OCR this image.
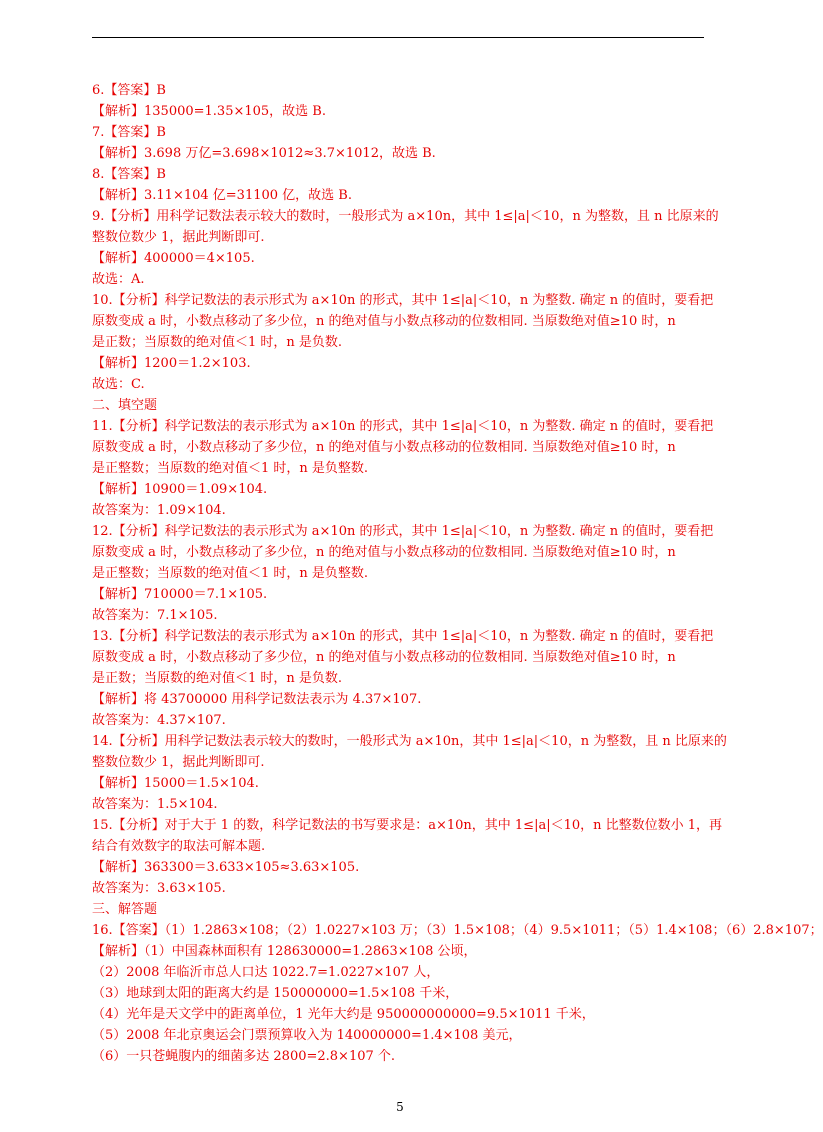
6.【答案】B
【解析】135000=1.35×105，故选 B.
7.【答案】B
【解析】3.698 万亿=3.698×1012≈3.7×1012，故选 B.
8.【答案】B
【解析】3.11×104 亿=31100 亿，故选 B.
9.【分析】用科学记数法表示较大的数时，一般形式为 a×10n，其中 1≤|a|＜10，n 为整数，且 n 比原来的
整数位数少 1，据此判断即可.
【解析】400000＝4×105.
故选：A.
10.【分析】科学记数法的表示形式为 a×10n 的形式，其中 1≤|a|＜10，n 为整数. 确定 n 的值时，要看把
原数变成 a 时，小数点移动了多少位，n 的绝对值与小数点移动的位数相同. 当原数绝对值≥10 时，n
是正数；当原数的绝对值＜1 时，n 是负数.
【解析】1200＝1.2×103.
故选：C.
二、填空题
11.【分析】科学记数法的表示形式为 a×10n 的形式，其中 1≤|a|＜10，n 为整数. 确定 n 的值时，要看把
原数变成 a 时，小数点移动了多少位，n 的绝对值与小数点移动的位数相同. 当原数绝对值≥10 时，n
是正整数；当原数的绝对值＜1 时，n 是负整数.
【解析】10900＝1.09×104.
故答案为：1.09×104.
12.【分析】科学记数法的表示形式为 a×10n 的形式，其中 1≤|a|＜10，n 为整数. 确定 n 的值时，要看把
原数变成 a 时，小数点移动了多少位，n 的绝对值与小数点移动的位数相同. 当原数绝对值≥10 时，n
是正整数；当原数的绝对值＜1 时，n 是负整数.
【解析】710000＝7.1×105.
故答案为：7.1×105.
13.【分析】科学记数法的表示形式为 a×10n 的形式，其中 1≤|a|＜10，n 为整数. 确定 n 的值时，要看把
原数变成 a 时，小数点移动了多少位，n 的绝对值与小数点移动的位数相同. 当原数绝对值≥10 时，n
是正数；当原数的绝对值＜1 时，n 是负数.
【解析】将 43700000 用科学记数法表示为 4.37×107.
故答案为：4.37×107.
14.【分析】用科学记数法表示较大的数时，一般形式为 a×10n，其中 1≤|a|＜10，n 为整数，且 n 比原来的
整数位数少 1，据此判断即可.
【解析】15000＝1.5×104.
故答案为：1.5×104.
15.【分析】对于大于 1 的数，科学记数法的书写要求是：a×10n，其中 1≤|a|＜10，n 比整数位数小 1，再
结合有效数字的取法可解本题.
【解析】363300＝3.633×105≈3.63×105.
故答案为：3.63×105.
三、解答题
16.【答案】（1）1.2863×108；（2）1.0227×103 万；（3）1.5×108；（4）9.5×1011；（5）1.4×108；（6）2.8×107；
【解析】（1）中国森林面积有 128630000=1.2863×108 公顷，
（2）2008 年临沂市总人口达 1022.7=1.0227×107 人，
（3）地球到太阳的距离大约是 150000000=1.5×108 千米，
（4）光年是天文学中的距离单位，1 光年大约是 950000000000=9.5×1011 千米，
（5）2008 年北京奥运会门票预算收入为 140000000=1.4×108 美元，
（6）一只苍蝇腹内的细菌多达 2800=2.8×107 个.
5
